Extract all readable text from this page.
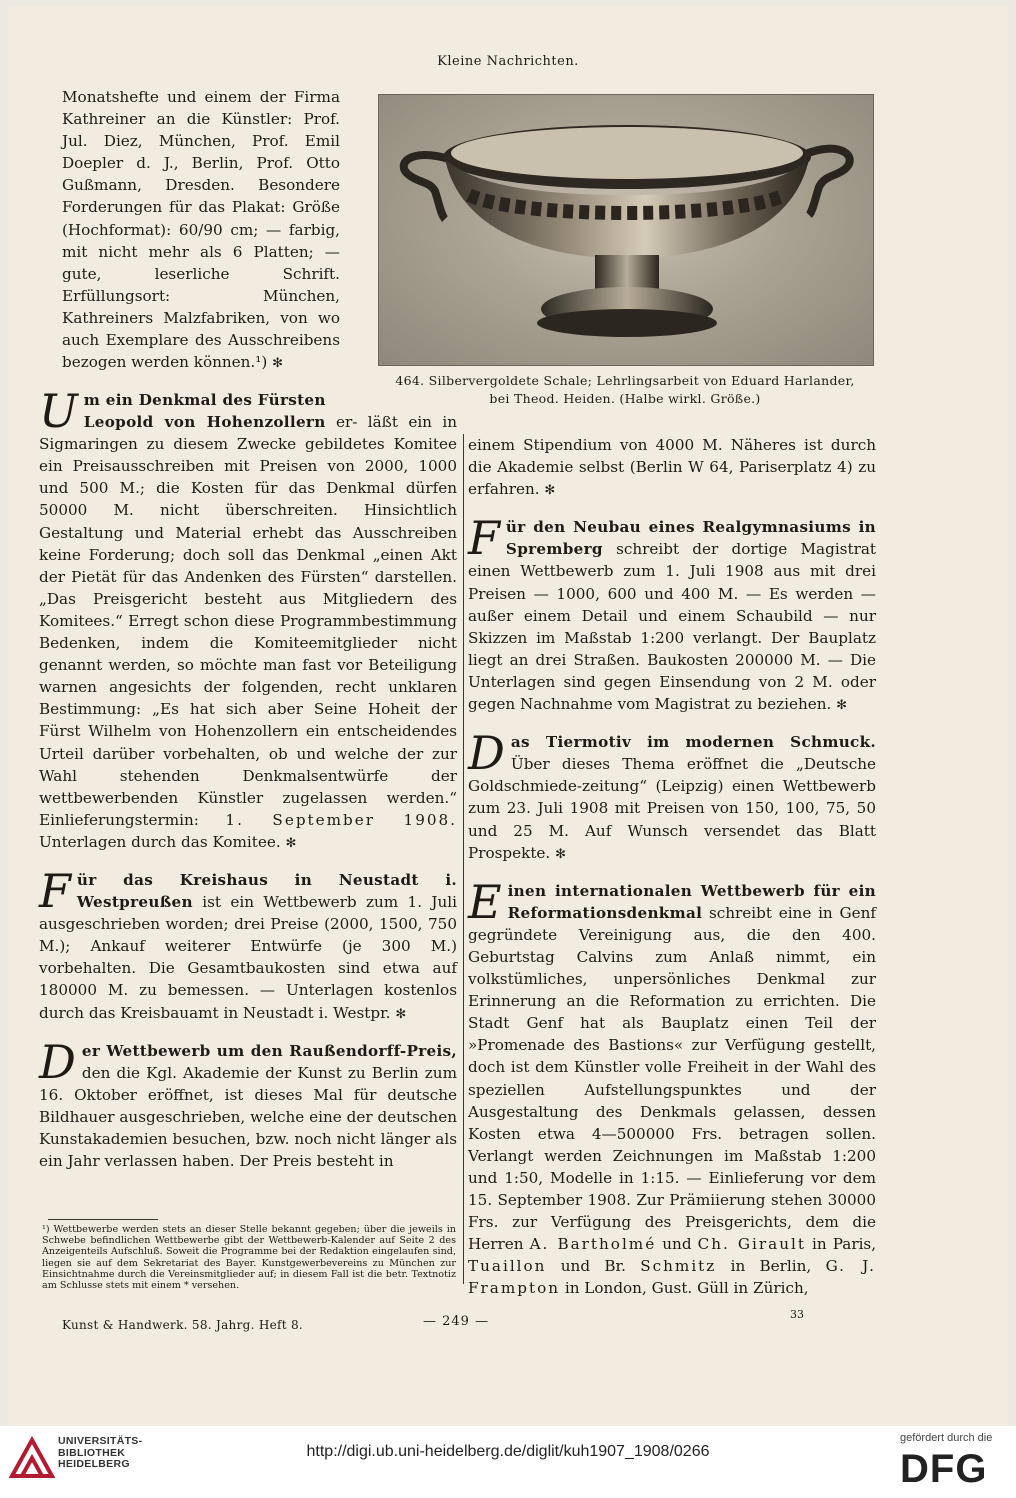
Kleine Nachrichten.

Monatshefte und einem der Firma Kathreiner an die Künstler: Prof. Jul. Diez, München, Prof. Emil Doepler d. J., Berlin, Prof. Otto Gußmann, Dresden. Besondere Forderungen für das Plakat: Größe (Hochformat): 60/90 cm; — farbig, mit nicht mehr als 6 Platten; — gute, leserliche Schrift. Erfüllungsort: München, Kathreiners Malzfabriken, von wo auch Exemplare des Ausschreibens bezogen werden können.¹) ✻

464. Silbervergoldete Schale; Lehrlingsarbeit von Eduard Harlander,
bei Theod. Heiden. (Halbe wirkl. Größe.)

U m ein Denkmal des Fürsten
Leopold von Hohenzollern er- läßt ein in Sigmaringen zu diesem Zwecke gebildetes Komitee ein Preisausschreiben mit Preisen von 2000, 1000 und 500 M.; die Kosten für das Denkmal dürfen 50000 M. nicht überschreiten. Hinsichtlich Gestaltung und Material erhebt das Ausschreiben keine Forderung; doch soll das Denkmal „einen Akt der Pietät für das Andenken des Fürsten“ darstellen. „Das Preisgericht besteht aus Mitgliedern des Komitees.“ Erregt schon diese Programmbestimmung Bedenken, indem die Komiteemitglieder nicht genannt werden, so möchte man fast vor Beteiligung warnen angesichts der folgenden, recht unklaren Bestimmung: „Es hat sich aber Seine Hoheit der Fürst Wilhelm von Hohenzollern ein entscheidendes Urteil darüber vorbehalten, ob und welche der zur Wahl stehenden Denkmalsentwürfe der wettbewerbenden Künstler zugelassen werden.“ Einlieferungstermin: 1. September 1908. Unterlagen durch das Komitee. ✻

F ür das Kreishaus in Neustadt i. Westpreußen ist ein Wettbewerb zum 1. Juli ausgeschrieben worden; drei Preise (2000, 1500, 750 M.); Ankauf weiterer Entwürfe (je 300 M.) vorbehalten. Die Gesamtbaukosten sind etwa auf 180000 M. zu bemessen. — Unterlagen kostenlos durch das Kreisbauamt in Neustadt i. Westpr. ✻

D er Wettbewerb um den Raußendorff-Preis, den die Kgl. Akademie der Kunst zu Berlin zum 16. Oktober eröffnet, ist dieses Mal für deutsche Bildhauer ausgeschrieben, welche eine der deutschen Kunstakademien besuchen, bzw. noch nicht länger als ein Jahr verlassen haben. Der Preis besteht in

einem Stipendium von 4000 M. Näheres ist durch die Akademie selbst (Berlin W 64, Pariserplatz 4) zu erfahren. ✻

F ür den Neubau eines Realgymnasiums in Spremberg schreibt der dortige Magistrat einen Wettbewerb zum 1. Juli 1908 aus mit drei Preisen — 1000, 600 und 400 M. — Es werden — außer einem Detail und einem Schaubild — nur Skizzen im Maßstab 1:200 verlangt. Der Bauplatz liegt an drei Straßen. Baukosten 200000 M. — Die Unterlagen sind gegen Einsendung von 2 M. oder gegen Nachnahme vom Magistrat zu beziehen. ✻

D as Tiermotiv im modernen Schmuck. Über dieses Thema eröffnet die „Deutsche Goldschmiede-zeitung“ (Leipzig) einen Wettbewerb zum 23. Juli 1908 mit Preisen von 150, 100, 75, 50 und 25 M. Auf Wunsch versendet das Blatt Prospekte. ✻

E inen internationalen Wettbewerb für ein Reformationsdenkmal schreibt eine in Genf gegründete Vereinigung aus, die den 400. Geburtstag Calvins zum Anlaß nimmt, ein volkstümliches, unpersönliches Denkmal zur Erinnerung an die Reformation zu errichten. Die Stadt Genf hat als Bauplatz einen Teil der »Promenade des Bastions« zur Verfügung gestellt, doch ist dem Künstler volle Freiheit in der Wahl des speziellen Aufstellungspunktes und der Ausgestaltung des Denkmals gelassen, dessen Kosten etwa 4—500000 Frs. betragen sollen. Verlangt werden Zeichnungen im Maßstab 1:200 und 1:50, Modelle in 1:15. — Einlieferung vor dem 15. September 1908. Zur Prämiierung stehen 30000 Frs. zur Verfügung des Preisgerichts, dem die Herren A. Bartholmé und Ch. Girault in Paris, Tuaillon und Br. Schmitz in Berlin, G. J. Frampton in London, Gust. Güll in Zürich,

¹) Wettbewerbe werden stets an dieser Stelle bekannt gegeben; über die jeweils in Schwebe befindlichen Wettbewerbe gibt der Wettbewerb-Kalender auf Seite 2 des Anzeigenteils Aufschluß. Soweit die Programme bei der Redaktion eingelaufen sind, liegen sie auf dem Sekretariat des Bayer. Kunstgewerbevereins zu München zur Einsichtnahme durch die Vereinsmitglieder auf; in diesem Fall ist die betr. Textnotiz am Schlusse stets mit einem * versehen.
Kunst & Handwerk. 58. Jahrg. Heft 8.	— 249 —	33
UNIVERSITÄTS-
BIBLIOTHEK
HEIDELBERG
http://digi.ub.uni-heidelberg.de/diglit/kuh1907_1908/0266
gefördert durch die
DFG
